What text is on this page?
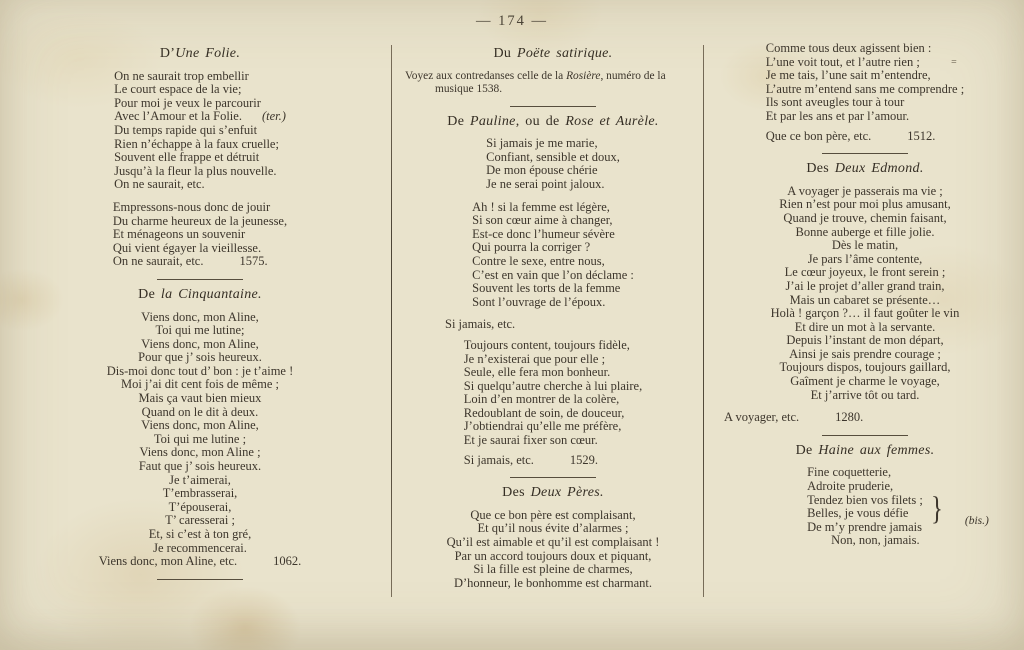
— 174 —
D’Une Folie.
On ne saurait trop embellir
Le court espace de la vie;
Pour moi je veux le parcourir
Avec l’Amour et la Folie. (ter.)
Du temps rapide qui s’enfuit
Rien n’échappe à la faux cruelle;
Souvent elle frappe et détruit
Jusqu’à la fleur la plus nouvelle.
On ne saurait, etc.
Empressons-nous donc de jouir
Du charme heureux de la jeunesse,
Et ménageons un souvenir
Qui vient égayer la vieillesse.
On ne saurait, etc.	1575.
De la Cinquantaine.
Viens donc, mon Aline,
Toi qui me lutine;
Viens donc, mon Aline,
Pour que j’ sois heureux.
Dis-moi donc tout d’ bon : je t’aime !
Moi j’ai dit cent fois de même ;
Mais ça vaut bien mieux
Quand on le dit à deux.
Viens donc, mon Aline,
Toi qui me lutine ;
Viens donc, mon Aline ;
Faut que j’ sois heureux.
Je t’aimerai,
T’embrasserai,
T’épouserai,
T’ caresserai ;
Et, si c’est à ton gré,
Je recommencerai.
Viens donc, mon Aline, etc.	1062.
Du Poëte satirique.
Voyez aux contredanses celle de la Rosière, numéro de la musique 1538.
De Pauline, ou de Rose et Aurèle.
Si jamais je me marie,
Confiant, sensible et doux,
De mon épouse chérie
Je ne serai point jaloux.
Ah ! si la femme est légère,
Si son cœur aime à changer,
Est-ce donc l’humeur sévère
Qui pourra la corriger ?
Contre le sexe, entre nous,
C’est en vain que l’on déclame :
Souvent les torts de la femme
Sont l’ouvrage de l’époux.
Si jamais, etc.
Toujours content, toujours fidèle,
Je n’existerai que pour elle ;
Seule, elle fera mon bonheur.
Si quelqu’autre cherche à lui plaire,
Loin d’en montrer de la colère,
Redoublant de soin, de douceur,
J’obtiendrai qu’elle me préfère,
Et je saurai fixer son cœur.
Si jamais, etc.	1529.
Des Deux Pères.
Que ce bon père est complaisant,
Et qu’il nous évite d’alarmes ;
Qu’il est aimable et qu’il est complaisant !
Par un accord toujours doux et piquant,
Si la fille est pleine de charmes,
D’honneur, le bonhomme est charmant.
Comme tous deux agissent bien :
L’une voit tout, et l’autre rien ;
Je me tais, l’une sait m’entendre,
L’autre m’entend sans me comprendre ;
Ils sont aveugles tour à tour
Et par les ans et par l’amour.
Que ce bon père, etc.	1512.
Des Deux Edmond.
A voyager je passerais ma vie ;
Rien n’est pour moi plus amusant,
Quand je trouve, chemin faisant,
Bonne auberge et fille jolie.
Dès le matin,
Je pars l’âme contente,
Le cœur joyeux, le front serein ;
J’ai le projet d’aller grand train,
Mais un cabaret se présente…
Holà ! garçon ?… il faut goûter le vin
Et dire un mot à la servante.
Depuis l’instant de mon départ,
Ainsi je sais prendre courage ;
Toujours dispos, toujours gaillard,
Gaîment je charme le voyage,
Et j’arrive tôt ou tard.
A voyager, etc.	1280.
De Haine aux femmes.
Fine coquetterie,
Adroite pruderie,
Tendez bien vos filets ;
Belles, je vous défie
De m’y prendre jamais } (bis.)
Non, non, jamais.
=
